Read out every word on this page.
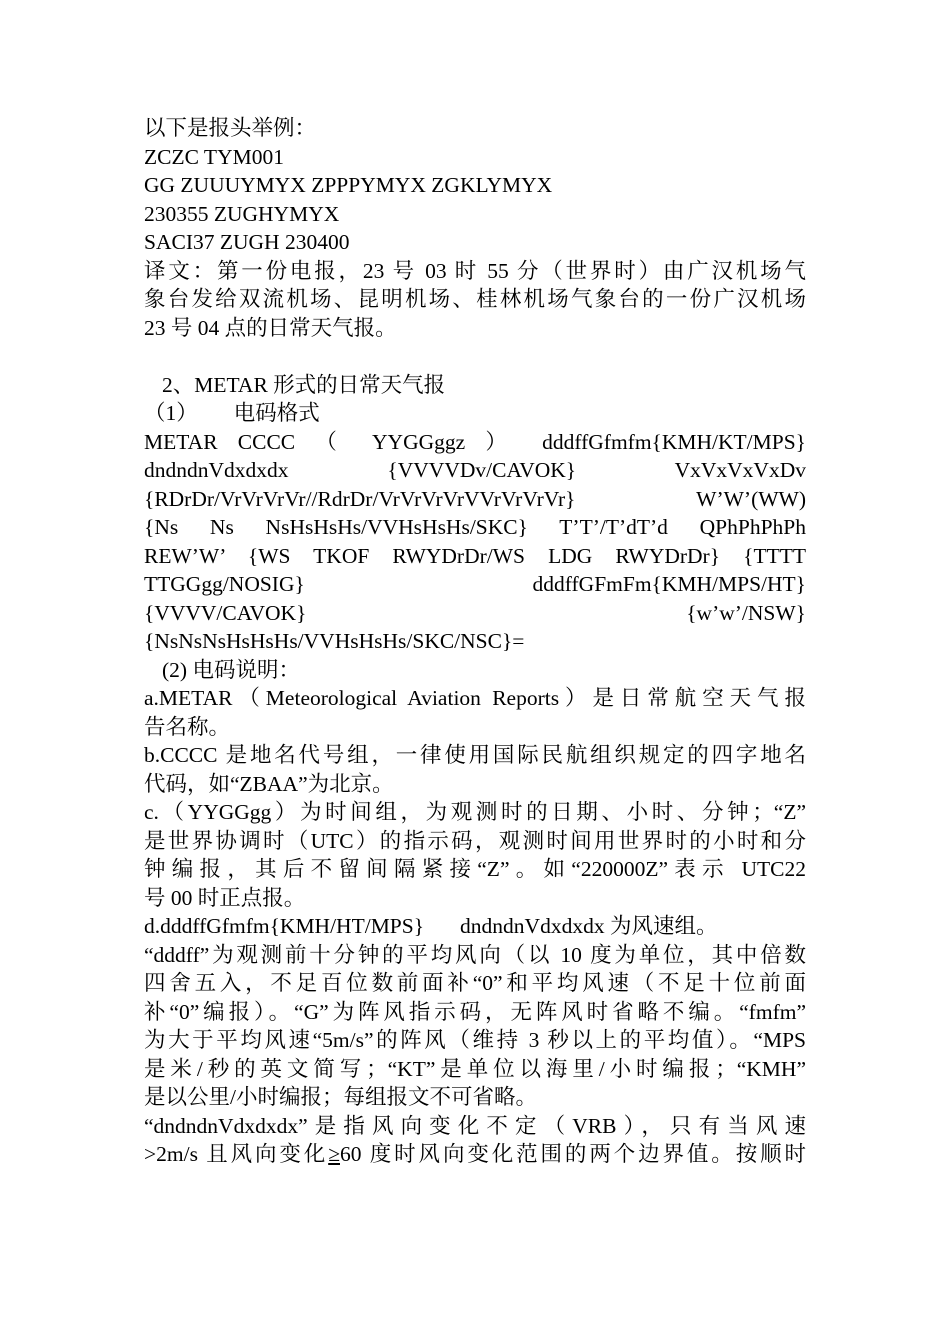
以下是报头举例：
ZCZC TYM001
GG ZUUUYMYX ZPPPYMYX ZGKLYMYX
230355 ZUGHYMYX
SACI37 ZUGH 230400
译文：第一份电报，23 号 03 时 55 分（世界时）由广汉机场气
象台发给双流机场、昆明机场、桂林机场气象台的一份广汉机场
23 号 04 点的日常天气报。
2、METAR 形式的日常天气报
（1） 电码格式
METAR CCCC （ YYGGggz ） dddffGfmfm{KMH/KT/MPS}
dndndnVdxdxdx {VVVVDv/CAVOK} VxVxVxVxDv
{RDrDr/VrVrVrVr//RdrDr/VrVrVrVrVVrVrVrVr} W’W’(WW)
{Ns Ns NsHsHsHs/VVHsHsHs/SKC} T’T’/T’dT’d QPhPhPhPh
REW’W’ {WS TKOF RWYDrDr/WS LDG RWYDrDr} {TTTT
TTGGgg/NOSIG} dddffGFmFm{KMH/MPS/HT}
{VVVV/CAVOK} {w’w’/NSW}
{NsNsNsHsHsHs/VVHsHsHs/SKC/NSC}=
(2) 电码说明：
a.METAR（Meteorological Aviation Reports）是日常航空天气报
告名称。
b.CCCC 是地名代号组，一律使用国际民航组织规定的四字地名
代码，如“ZBAA”为北京。
c.（YYGGgg）为时间组，为观测时的日期、小时、分钟；“Z”
是世界协调时（UTC）的指示码，观测时间用世界时的小时和分
钟编报，其后不留间隔紧接“Z”。如“220000Z”表示 UTC22
号 00 时正点报。
d.dddffGfmfm{KMH/HT/MPS} dndndnVdxdxdx 为风速组。
“dddff”为观测前十分钟的平均风向（以 10 度为单位，其中倍数
四舍五入，不足百位数前面补“0”和平均风速（不足十位前面
补“0”编报）。“G”为阵风指示码，无阵风时省略不编。“fmfm”
为大于平均风速“5m/s”的阵风（维持 3 秒以上的平均值）。“MPS
是米/秒的英文简写；“KT”是单位以海里/小时编报；“KMH”
是以公里/小时编报；每组报文不可省略。
“dndndnVdxdxdx”是指风向变化不定（VRB），只有当风速
>2m/s 且风向变化≥60 度时风向变化范围的两个边界值。按顺时
